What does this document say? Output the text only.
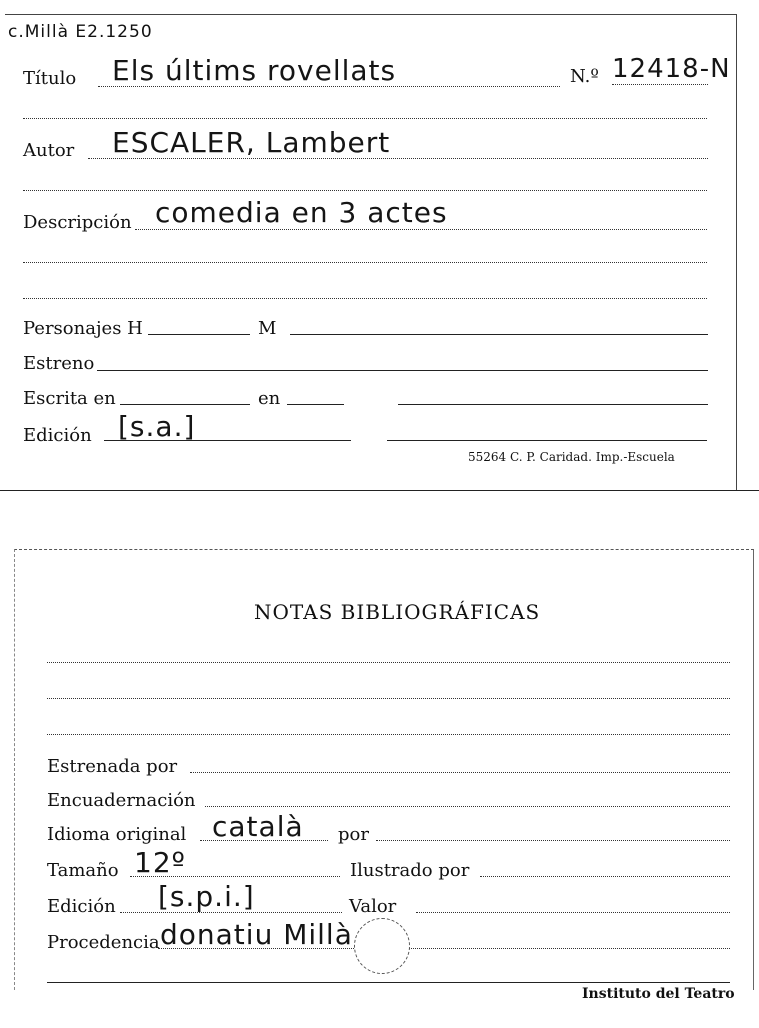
c.Millà E2.1250
Título Els últims rovellats	N.º 12418-N
Autor ESCALER, Lambert
Descripción comedia en 3 actes
Personajes H	M
Estreno
Escrita en	en
Edición [s.a.]
55264 C. P. Caridad. Imp.-Escuela
NOTAS BIBLIOGRÁFICAS
Estrenada por
Encuadernación
Idioma original català por
Tamaño 12º	Ilustrado por
Edición [s.p.i.]	Valor
Procedencia donatiu Millà
Instituto del Teatro
